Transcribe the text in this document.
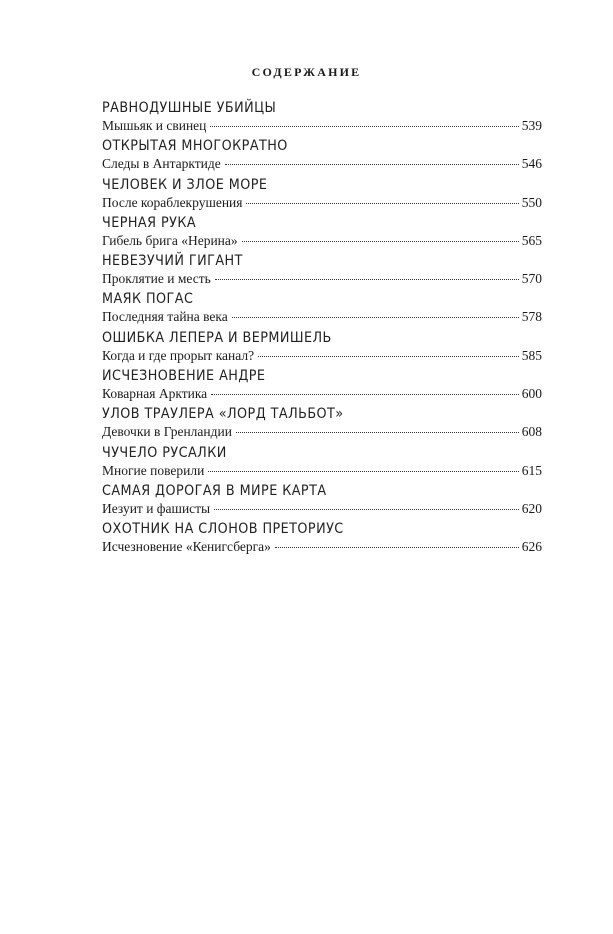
СОДЕРЖАНИЕ
РАВНОДУШНЫЕ УБИЙЦЫ
Мышьяк и свинец	539
ОТКРЫТАЯ МНОГОКРАТНО
Следы в Антарктиде	546
ЧЕЛОВЕК И ЗЛОЕ МОРЕ
После кораблекрушения	550
ЧЕРНАЯ РУКА
Гибель брига «Нерина»	565
НЕВЕЗУЧИЙ ГИГАНТ
Проклятие и месть	570
МАЯК ПОГАС
Последняя тайна века	578
ОШИБКА ЛЕПЕРА И ВЕРМИШЕЛЬ
Когда и где прорыт канал?	585
ИСЧЕЗНОВЕНИЕ АНДРЕ
Коварная Арктика	600
УЛОВ ТРАУЛЕРА «ЛОРД ТАЛЬБОТ»
Девочки в Гренландии	608
ЧУЧЕЛО РУСАЛКИ
Многие поверили	615
САМАЯ ДОРОГАЯ В МИРЕ КАРТА
Иезуит и фашисты	620
ОХОТНИК НА СЛОНОВ ПРЕТОРИУС
Исчезновение «Кенигсберга»	626
